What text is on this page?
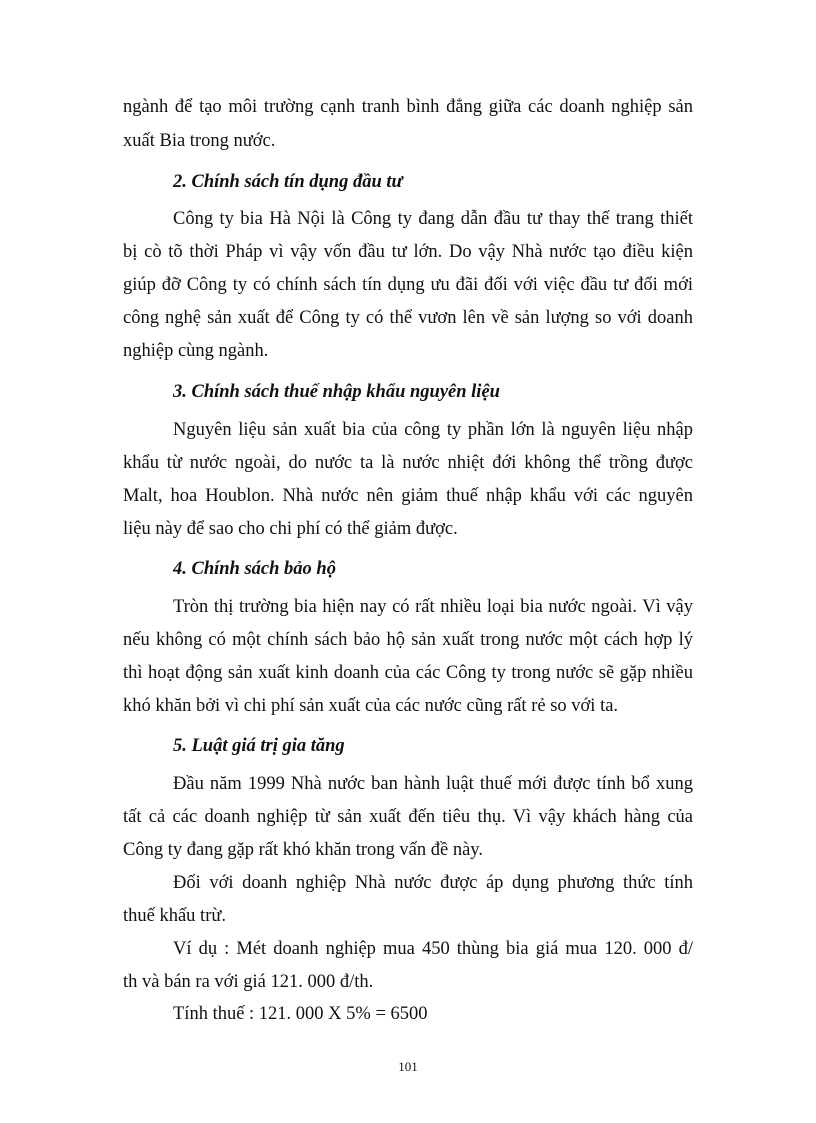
ngành để tạo môi trường cạnh tranh bình đẳng giữa các doanh nghiệp sản
xuất Bia trong nước.
2. Chính sách tín dụng đầu tư
Công ty bia Hà Nội là Công ty đang dẫn đầu tư thay thế trang thiết
bị cò tõ thời Pháp vì vậy vốn đầu tư lớn. Do vậy Nhà nước tạo điều kiện
giúp đỡ Công ty có chính sách tín dụng ưu đãi đối với việc đầu tư đổi mới
công nghệ sản xuất để Công ty có thể vươn lên về sản lượng so với doanh
nghiệp cùng ngành.
3. Chính sách thuế nhập khẩu nguyên liệu
Nguyên liệu sản xuất bia của công ty phần lớn là nguyên liệu nhập
khẩu từ nước ngoài, do nước ta là nước nhiệt đới không thể trồng được
Malt, hoa Houblon. Nhà nước nên giảm thuế nhập khẩu với các nguyên
liệu này để sao cho chi phí có thể giảm được.
4. Chính sách bảo hộ
Tròn thị trường bia hiện nay có rất nhiều loại bia nước ngoài. Vì vậy
nếu không có một chính sách bảo hộ sản xuất trong nước một cách hợp lý
thì hoạt động sản xuất kinh doanh của các Công ty trong nước sẽ gặp nhiều
khó khăn bởi vì chi phí sản xuất của các nước cũng rất rẻ so với ta.
5. Luật giá trị gia tăng
Đầu năm 1999 Nhà nước ban hành luật thuế mới được tính bổ xung
tất cả các doanh nghiệp từ sản xuất đến tiêu thụ. Vì vậy khách hàng của
Công ty đang gặp rất khó khăn trong vấn đề này.
Đối với doanh nghiệp Nhà nước được áp dụng phương thức tính
thuế khấu trừ.
Ví dụ : Mét doanh nghiệp mua 450 thùng bia giá mua 120. 000 đ/
th và bán ra với giá 121. 000 đ/th.
Tính thuế : 121. 000 X 5% = 6500
101
